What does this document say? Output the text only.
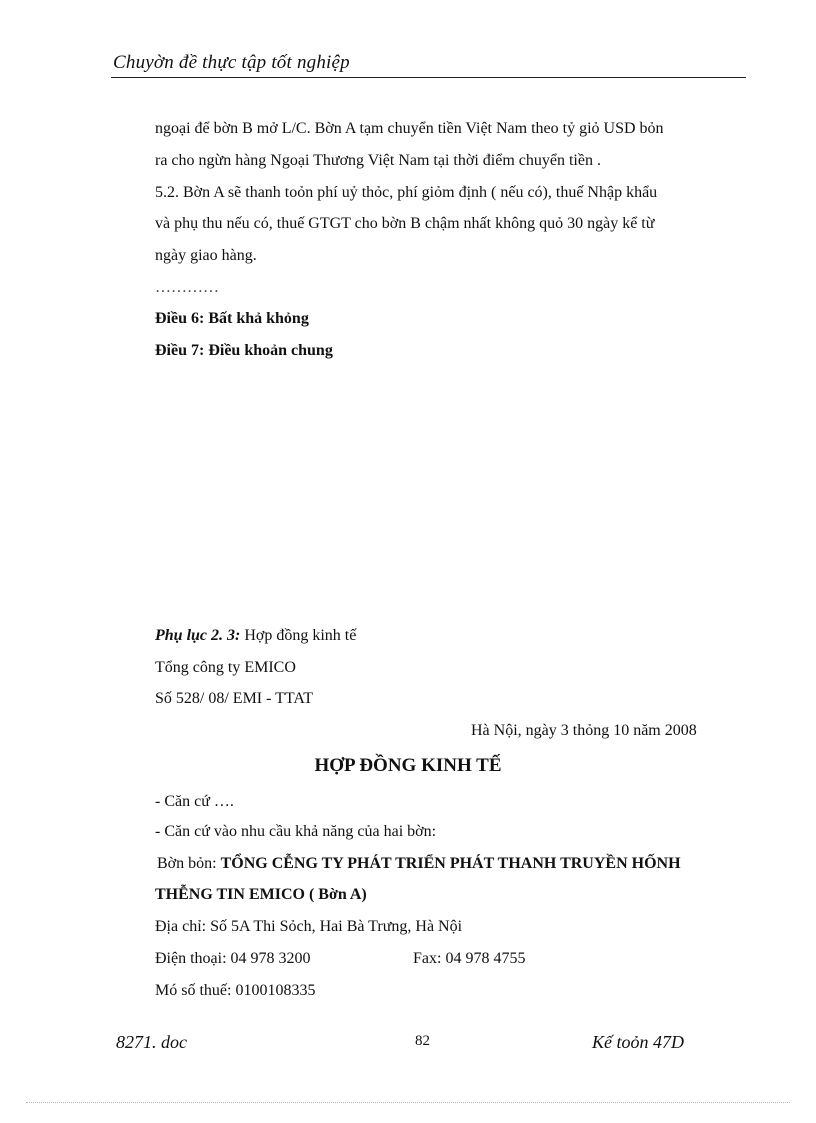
Chuyờn đề thực tập tốt nghiệp
ngoại để bờn B mở L/C. Bờn A tạm chuyển tiền Việt Nam theo tỷ giỏ USD bỏn
ra cho ngừn hàng Ngoại Thương Việt Nam tại thời điểm chuyển tiền .
5.2. Bờn A sẽ thanh toỏn phí uỷ thỏc, phí giỏm định ( nếu có), thuế Nhập khẩu
và phụ thu nếu có, thuế GTGT cho bờn B chậm nhất không quỏ 30 ngày kể từ
ngày giao hàng.
…………
Điều 6: Bất khả khỏng
Điều 7: Điều khoản chung
Phụ lục 2. 3: Hợp đồng kinh tế
Tổng công ty EMICO
Số 528/ 08/ EMI - TTAT
Hà Nội, ngày 3 thỏng 10 năm 2008
HỢP ĐỒNG KINH TẾ
- Căn cứ ….
- Căn cứ vào nhu cầu khả năng của hai bờn:
Bờn bỏn: TỔNG CỄNG TY PHÁT TRIỂN PHÁT THANH TRUYỀN HỐNH
THỄNG TIN EMICO ( Bờn A)
Địa chỉ: Số 5A Thi Sỏch, Hai Bà Trưng, Hà Nội
Điện thoại: 04 978 3200	Fax: 04 978 4755
Mó số thuế: 0100108335
8271. doc	82	Kế toỏn 47D
